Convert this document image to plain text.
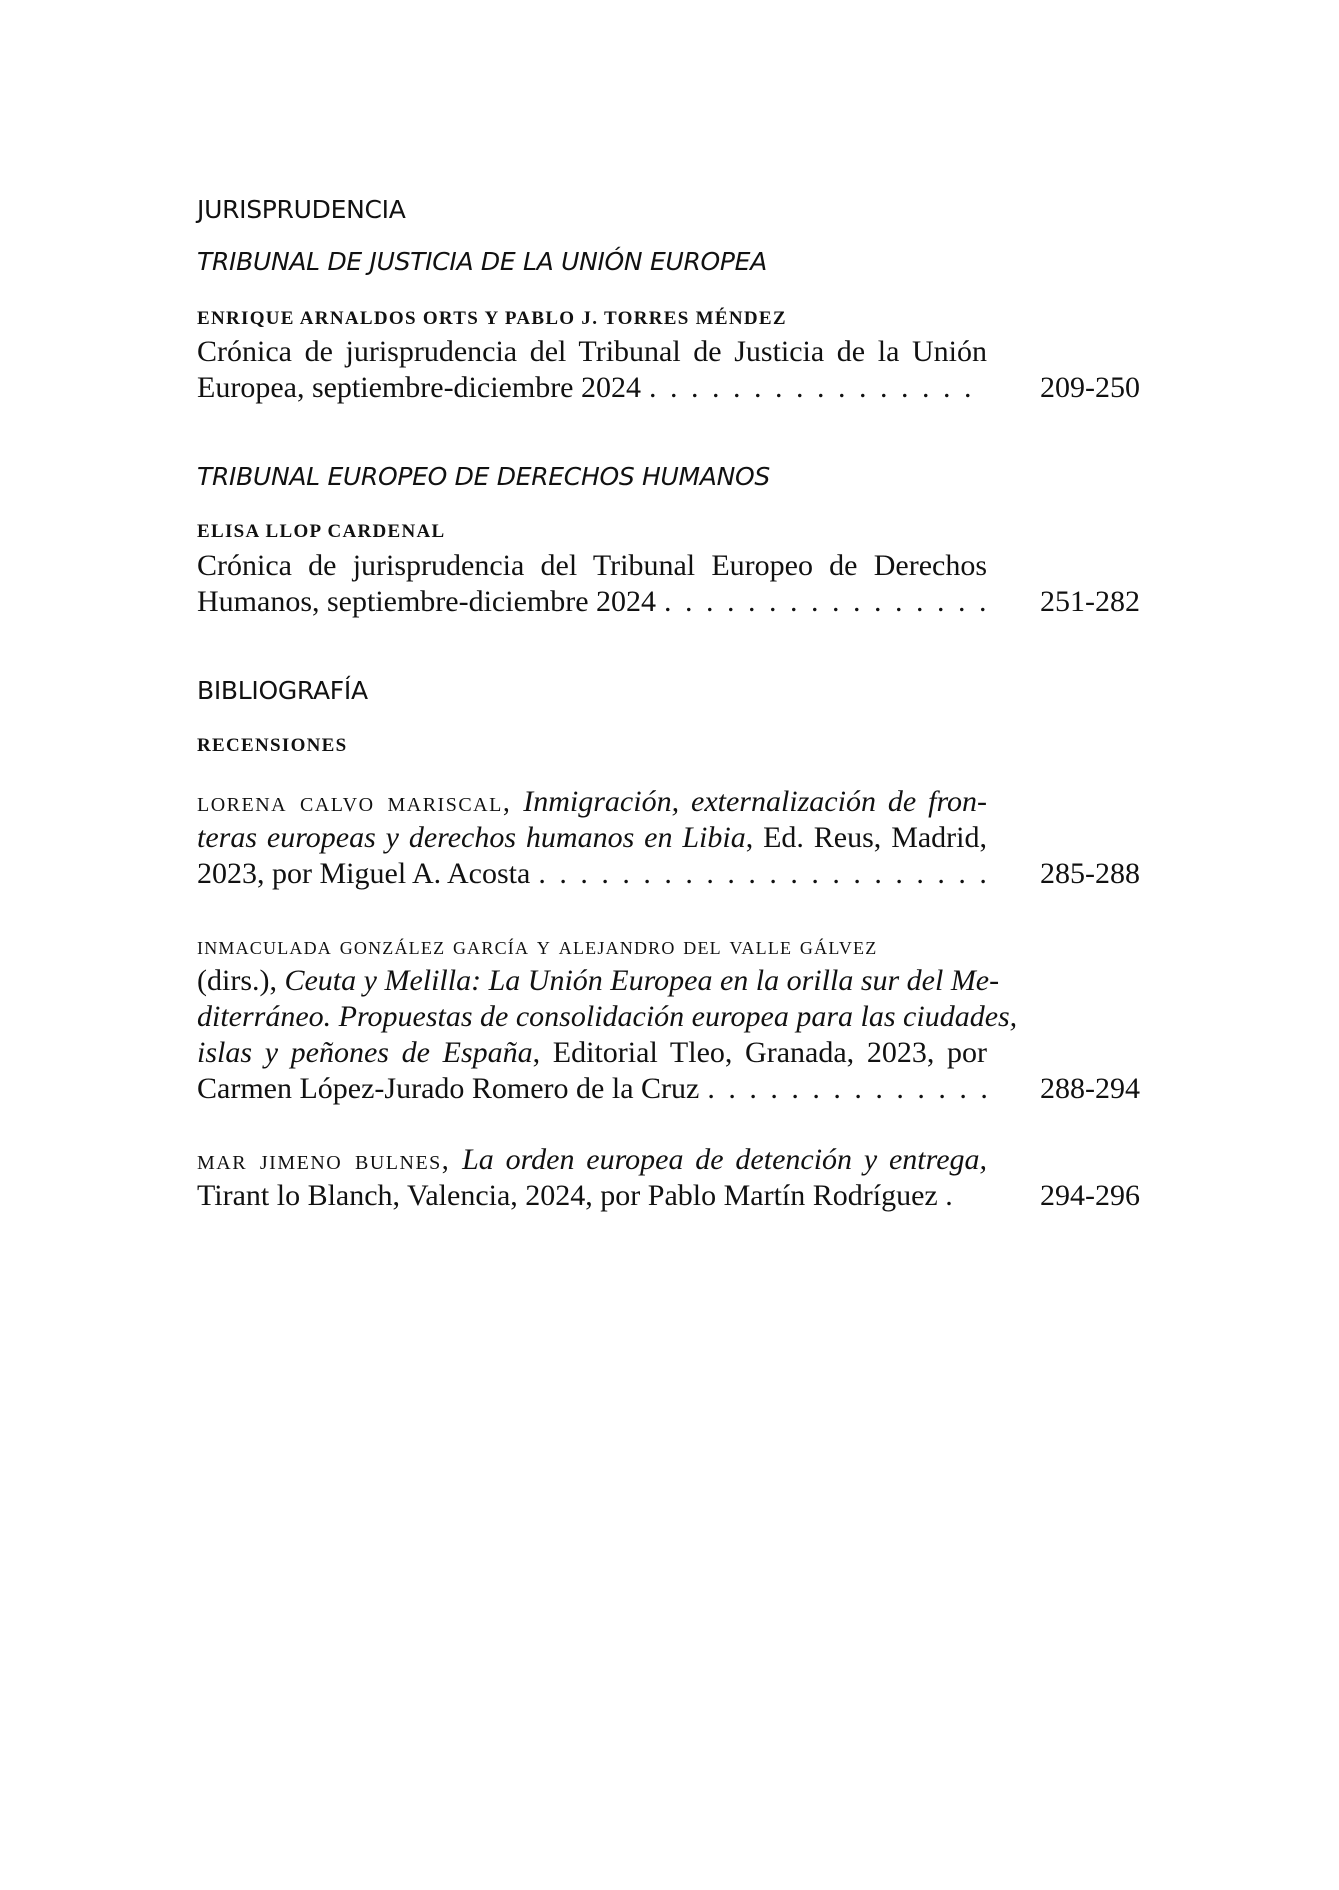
JURISPRUDENCIA
TRIBUNAL DE JUSTICIA DE LA UNIÓN EUROPEA
ENRIQUE ARNALDOS ORTS Y PABLO J. TORRES MÉNDEZ
Crónica de jurisprudencia del Tribunal de Justicia de la Unión
Europea, septiembre-diciembre 2024 . . .	209-250
TRIBUNAL EUROPEO DE DERECHOS HUMANOS
ELISA LLOP CARDENAL
Crónica de jurisprudencia del Tribunal Europeo de Derechos
Humanos, septiembre-diciembre 2024 . . .	251-282
BIBLIOGRAFÍA
RECENSIONES
lorena calvo mariscal, Inmigración, externalización de fron-
teras europeas y derechos humanos en Libia, Ed. Reus, Madrid,
2023, por Miguel A. Acosta . . .	285-288
inmaculada gonzález garcía y alejandro del valle gálvez
(dirs.), Ceuta y Melilla: La Unión Europea en la orilla sur del Me-
diterráneo. Propuestas de consolidación europea para las ciudades,
islas y peñones de España, Editorial Tleo, Granada, 2023, por
Carmen López-Jurado Romero de la Cruz . . .	288-294
mar jimeno bulnes, La orden europea de detención y entrega,
Tirant lo Blanch, Valencia, 2024, por Pablo Martín Rodríguez .	294-296
